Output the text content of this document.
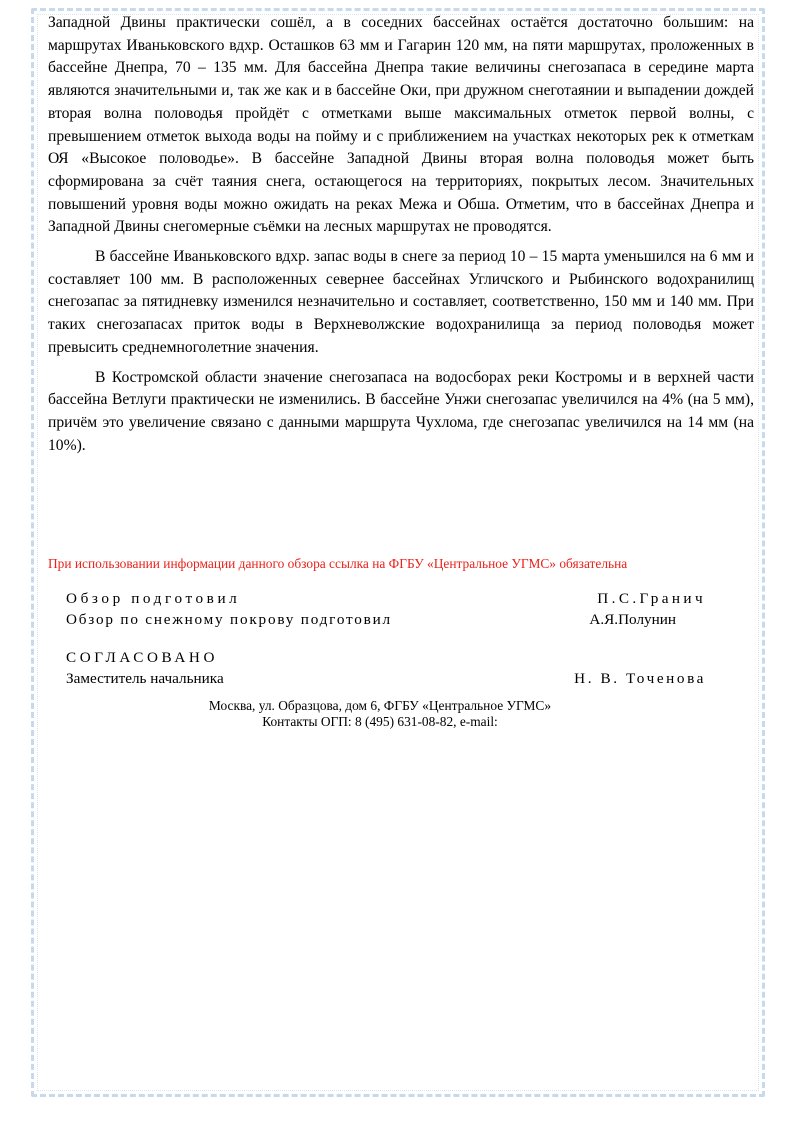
Западной Двины практически сошёл, а в соседних бассейнах остаётся достаточно большим: на маршрутах Иваньковского вдхр. Осташков 63 мм и Гагарин 120 мм, на пяти маршрутах, проложенных в бассейне Днепра, 70 – 135 мм. Для бассейна Днепра такие величины снегозапаса в середине марта являются значительными и, так же как и в бассейне Оки, при дружном снеготаянии и выпадении дождей вторая волна половодья пройдёт с отметками выше максимальных отметок первой волны, с превышением отметок выхода воды на пойму и с приближением на участках некоторых рек к отметкам ОЯ «Высокое половодье». В бассейне Западной Двины вторая волна половодья может быть сформирована за счёт таяния снега, остающегося на территориях, покрытых лесом. Значительных повышений уровня воды можно ожидать на реках Межа и Обша. Отметим, что в бассейнах Днепра и Западной Двины снегомерные съёмки на лесных маршрутах не проводятся.

В бассейне Иваньковского вдхр. запас воды в снеге за период 10 – 15 марта уменьшился на 6 мм и составляет 100 мм. В расположенных севернее бассейнах Угличского и Рыбинского водохранилищ снегозапас за пятидневку изменился незначительно и составляет, соответственно, 150 мм и 140 мм. При таких снегозапасах приток воды в Верхневолжские водохранилища за период половодья может превысить среднемноголетние значения.

В Костромской области значение снегозапаса на водосборах реки Костромы и в верхней части бассейна Ветлуги практически не изменились. В бассейне Унжи снегозапас увеличился на 4% (на 5 мм), причём это увеличение связано с данными маршрута Чухлома, где снегозапас увеличился на 14 мм (на 10%).

При использовании информации данного обзора ссылка на ФГБУ «Центральное УГМС» обязательна
Обзор подготовил	П.С.Гранич
Обзор по снежному покрову подготовил	А.Я.Полунин
СОГЛАСОВАНО
Заместитель начальника	Н. В. Точенова
Москва, ул. Образцова, дом 6, ФГБУ «Центральное УГМС»
Контакты ОГП: 8 (495) 631-08-82, e-mail:
